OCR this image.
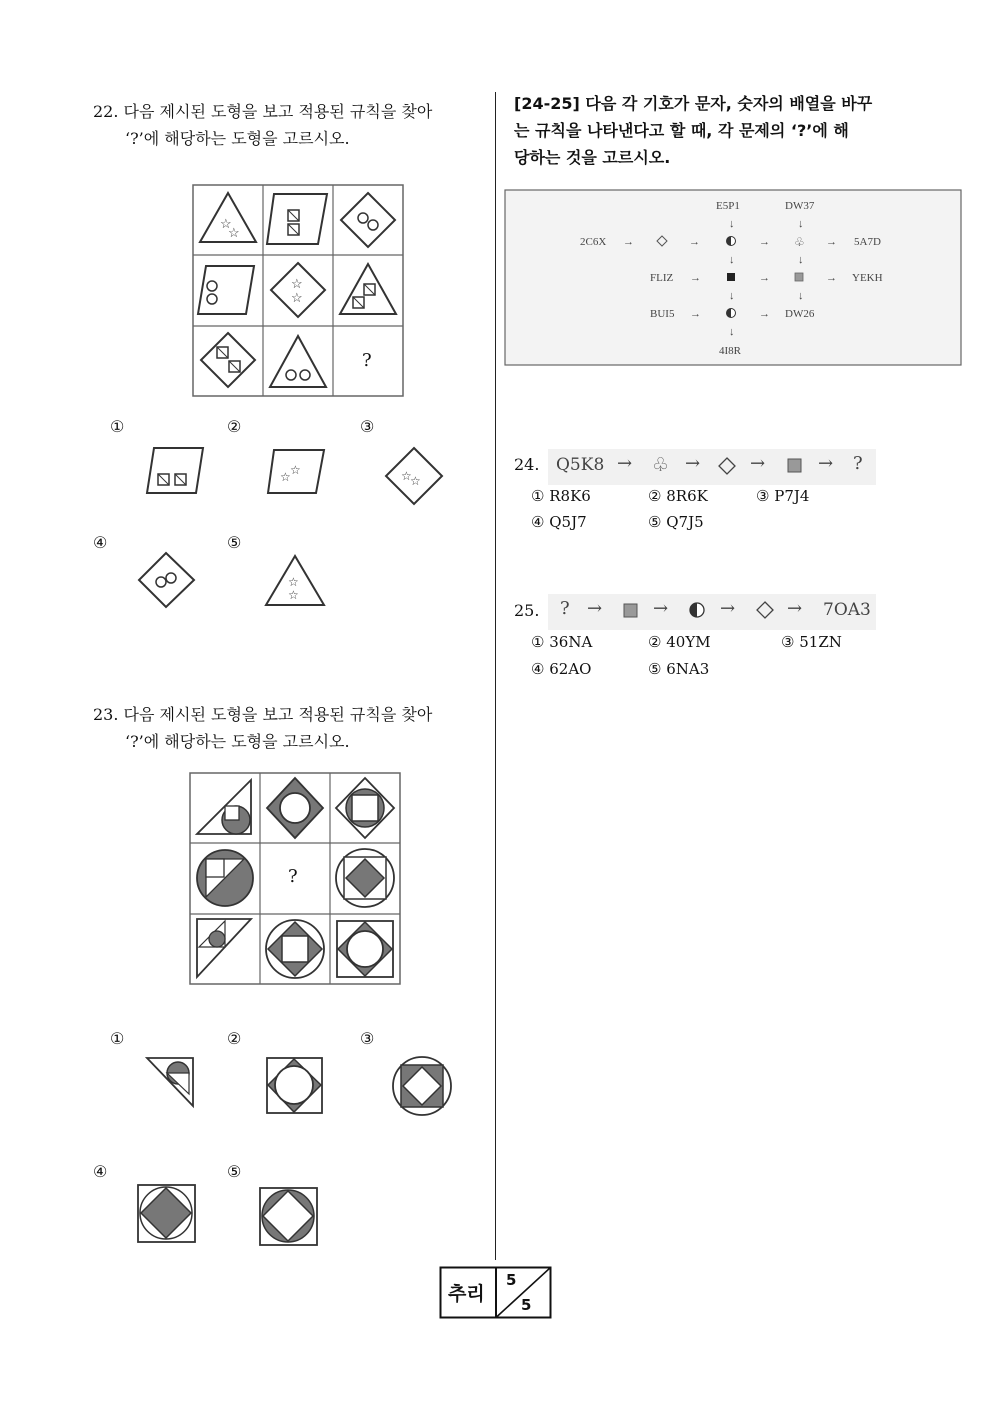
22. 다음 제시된 도형을 보고 적용된 규칙을 찾아
‘?’에 해당하는 도형을 고르시오.
☆
☆
☆
☆
?
①	②	③
④	⑤
☆ ☆	☆
☆
☆
☆
23. 다음 제시된 도형을 보고 적용된 규칙을 찾아
‘?’에 해당하는 도형을 고르시오.
?
①	②	③
④	⑤
[24-25] 다음 각 기호가 문자, 숫자의 배열을 바꾸
는 규칙을 나타낸다고 할 때, 각 문제의 ‘?’에 해
당하는 것을 고르시오.
E5P1	DW37
↓	↓
2C6X →	→	→ ♧ → 5A7D
↓	↓
FLIZ →	→	→ YEKH
↓	↓
BUI5 →	→ DW26
↓
4I8R
24. Q5K8 → ♧ →	→	→ ?
① R8K6	② 8R6K	③ P7J4
④ Q5J7	⑤ Q7J5
25. ? →	→	→	→ 7OA3
① 36NA	② 40YM	③ 51ZN
④ 62AO	⑤ 6NA3
추리
5
5
